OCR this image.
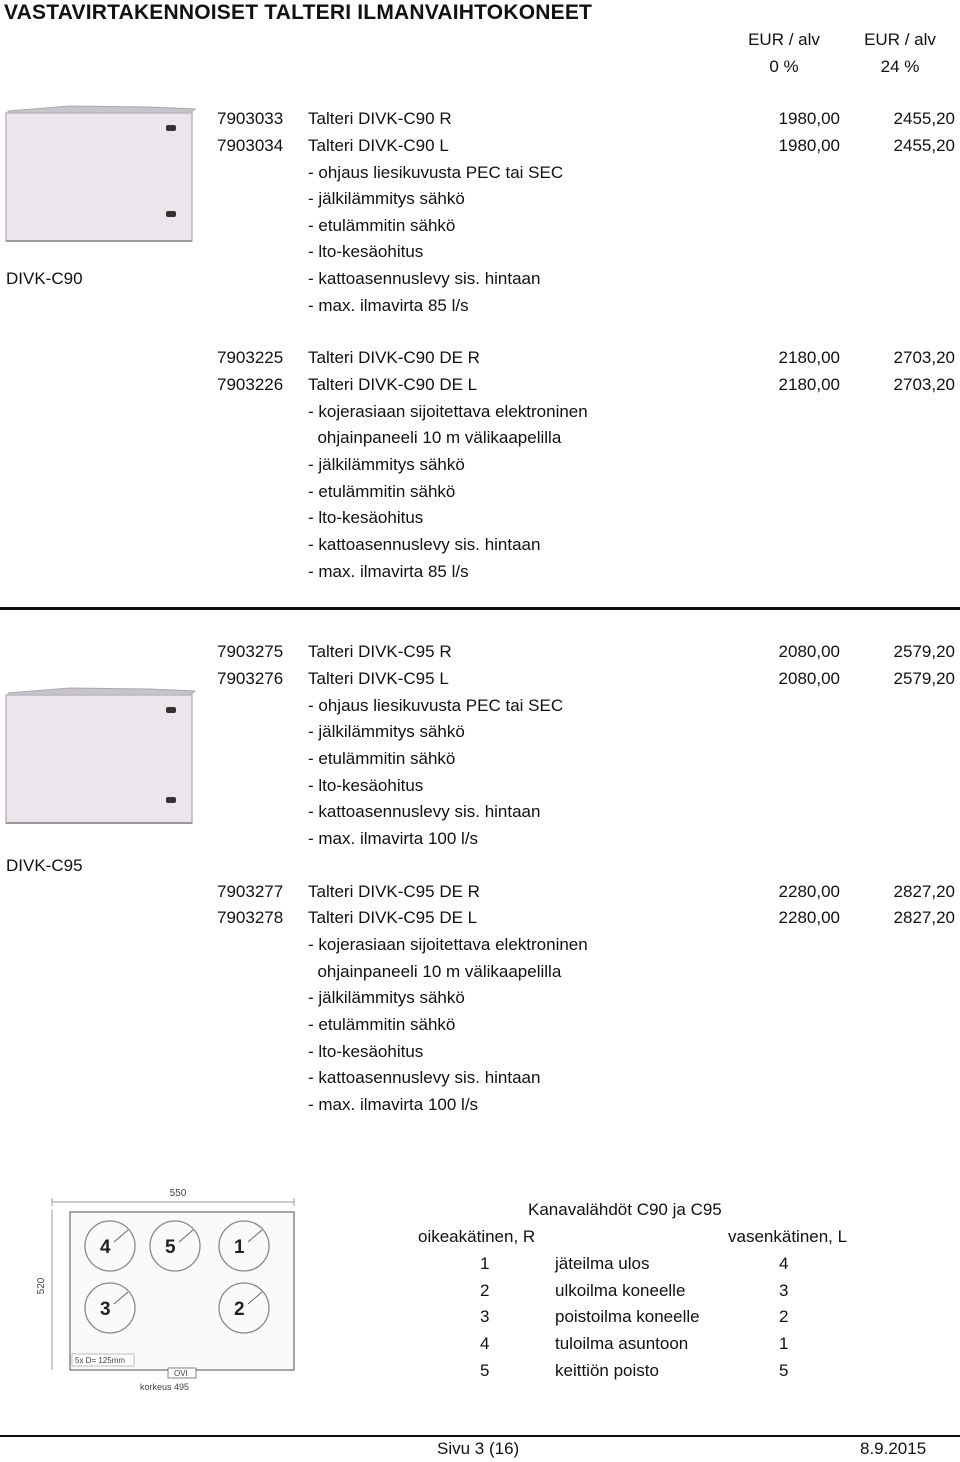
VASTAVIRTAKENNOISET TALTERI ILMANVAIHTOKONEET
EUR / alv
0 %
EUR / alv
24 %
DIVK-C90
7903033 Talteri DIVK-C90 R	1980,00	2455,20
7903034 Talteri DIVK-C90 L	1980,00	2455,20
- ohjaus liesikuvusta PEC tai SEC
- jälkilämmitys sähkö
- etulämmitin sähkö
- lto-kesäohitus
- kattoasennuslevy sis. hintaan
- max. ilmavirta 85 l/s
7903225 Talteri DIVK-C90 DE R	2180,00	2703,20
7903226 Talteri DIVK-C90 DE L	2180,00	2703,20
- kojerasiaan sijoitettava elektroninen
ohjainpaneeli 10 m välikaapelilla
- jälkilämmitys sähkö
- etulämmitin sähkö
- lto-kesäohitus
- kattoasennuslevy sis. hintaan
- max. ilmavirta 85 l/s
DIVK-C95
7903275 Talteri DIVK-C95 R	2080,00	2579,20
7903276 Talteri DIVK-C95 L	2080,00	2579,20
- ohjaus liesikuvusta PEC tai SEC
- jälkilämmitys sähkö
- etulämmitin sähkö
- lto-kesäohitus
- kattoasennuslevy sis. hintaan
- max. ilmavirta 100 l/s
7903277 Talteri DIVK-C95 DE R	2280,00	2827,20
7903278 Talteri DIVK-C95 DE L	2280,00	2827,20
- kojerasiaan sijoitettava elektroninen
ohjainpaneeli 10 m välikaapelilla
- jälkilämmitys sähkö
- etulämmitin sähkö
- lto-kesäohitus
- kattoasennuslevy sis. hintaan
- max. ilmavirta 100 l/s
550
520
4	5	1
3	2
5x D= 125mm
OVI
korkeus 495
Kanavalähdöt C90 ja C95
oikeakätinen, R	vasenkätinen, L
1	jäteilma ulos	4
2	ulkoilma koneelle	3
3	poistoilma koneelle	2
4	tuloilma asuntoon	1
5	keittiön poisto	5
Sivu 3 (16)	8.9.2015
